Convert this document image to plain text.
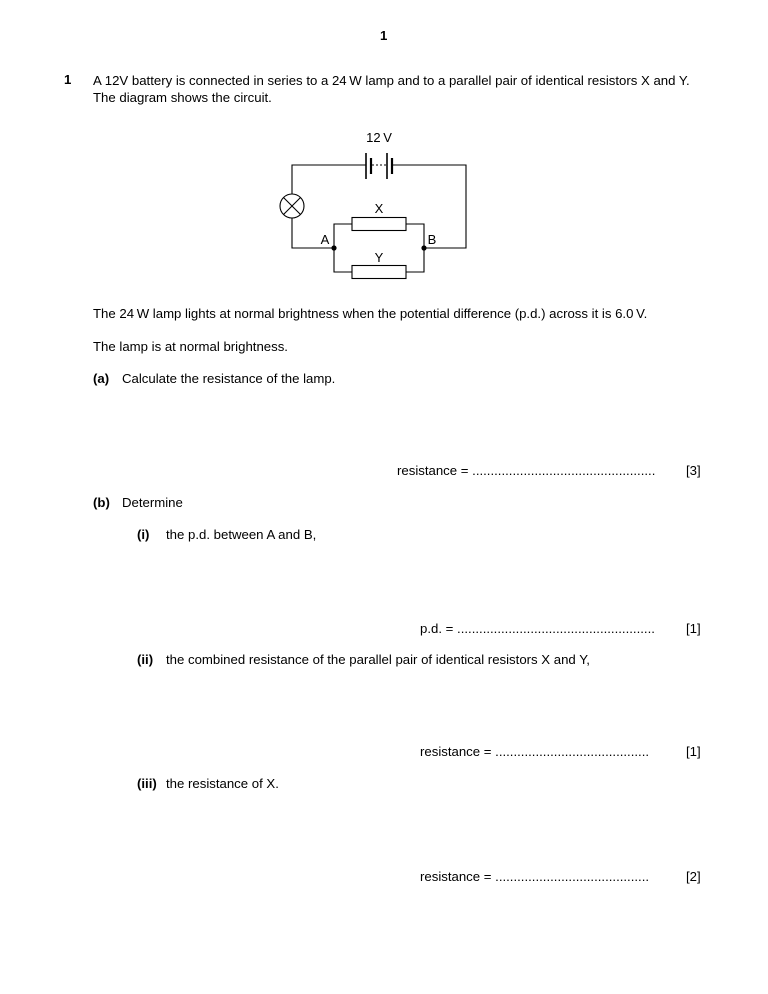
1
1 A 12V battery is connected in series to a 24 W lamp and to a parallel pair of identical resistors X and Y. The diagram shows the circuit.
12 V
X
Y
A	B
The 24 W lamp lights at normal brightness when the potential difference (p.d.) across it is 6.0 V.
The lamp is at normal brightness.
(a) Calculate the resistance of the lamp.
resistance = .................................................. [3]
(b) Determine
(i) the p.d. between A and B,
p.d. = ...................................................... [1]
(ii) the combined resistance of the parallel pair of identical resistors X and Y,
resistance = ..........................................	[1]
(iii) the resistance of X.
resistance = ..........................................	[2]
